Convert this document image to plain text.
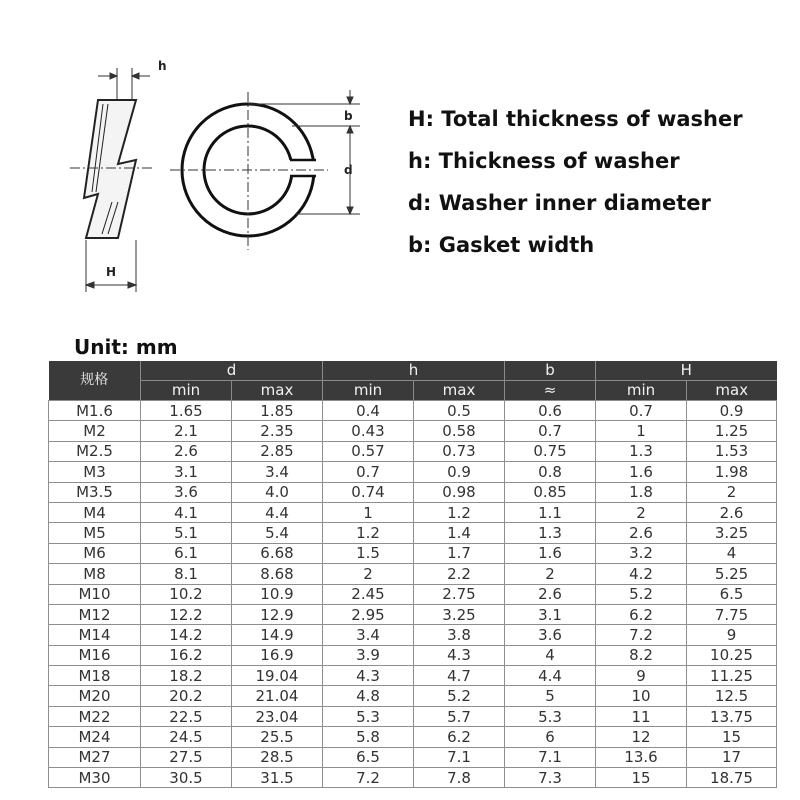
h
H
b
d
H: Total thickness of washer
h: Thickness of washer
d: Washer inner diameter
b: Gasket width
Unit: mm
规格	d		h		b	H	
	min	max	min	max	≈	min	max
M1.6	1.65	1.85	0.4	0.5	0.6	0.7	0.9
M2	2.1	2.35	0.43	0.58	0.7	1	1.25
M2.5	2.6	2.85	0.57	0.73	0.75	1.3	1.53
M3	3.1	3.4	0.7	0.9	0.8	1.6	1.98
M3.5	3.6	4.0	0.74	0.98	0.85	1.8	2
M4	4.1	4.4	1	1.2	1.1	2	2.6
M5	5.1	5.4	1.2	1.4	1.3	2.6	3.25
M6	6.1	6.68	1.5	1.7	1.6	3.2	4
M8	8.1	8.68	2	2.2	2	4.2	5.25
M10	10.2	10.9	2.45	2.75	2.6	5.2	6.5
M12	12.2	12.9	2.95	3.25	3.1	6.2	7.75
M14	14.2	14.9	3.4	3.8	3.6	7.2	9
M16	16.2	16.9	3.9	4.3	4	8.2	10.25
M18	18.2	19.04	4.3	4.7	4.4	9	11.25
M20	20.2	21.04	4.8	5.2	5	10	12.5
M22	22.5	23.04	5.3	5.7	5.3	11	13.75
M24	24.5	25.5	5.8	6.2	6	12	15
M27	27.5	28.5	6.5	7.1	7.1	13.6	17
M30	30.5	31.5	7.2	7.8	7.3	15	18.75
